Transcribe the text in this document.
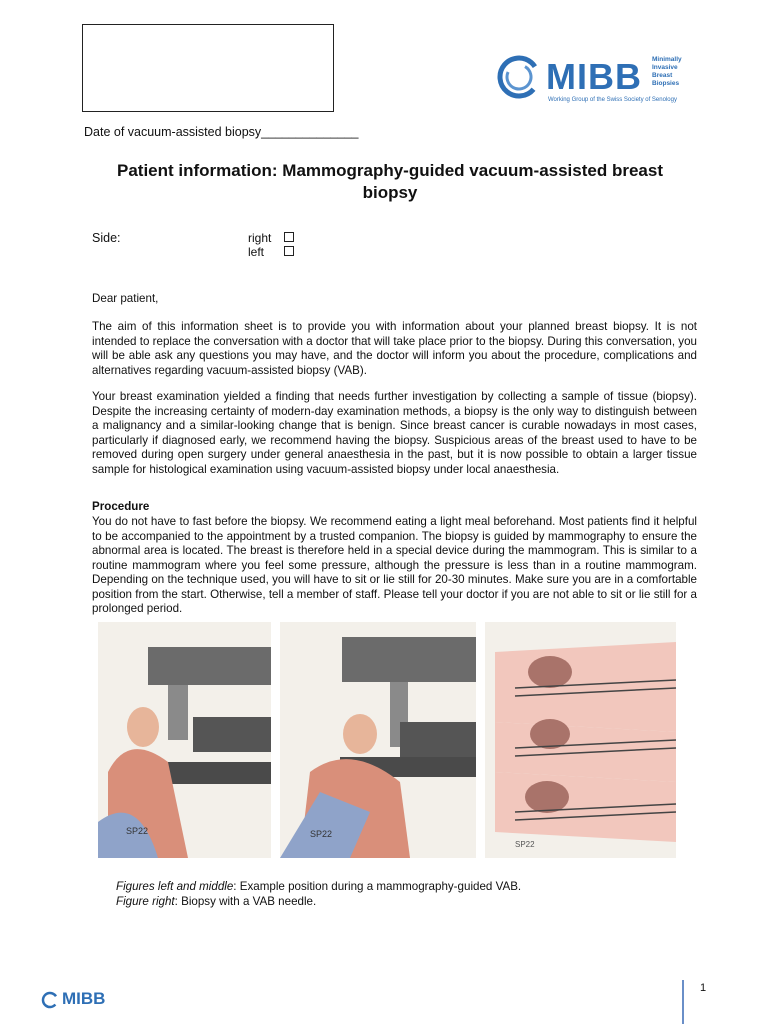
Date of vacuum-assisted biopsy______________
MIBB Minimally
Invasive
Breast
Biopsies
Working Group of the Swiss Society of Senology
Patient information: Mammography-guided vacuum-assisted breast biopsy
Side:	right
left
Dear patient,
The aim of this information sheet is to provide you with information about your planned breast biopsy. It is not intended to replace the conversation with a doctor that will take place prior to the biopsy. During this conversation, you will be able ask any questions you may have, and the doctor will inform you about the procedure, complications and alternatives regarding vacuum-assisted biopsy (VAB).
Your breast examination yielded a finding that needs further investigation by collecting a sample of tissue (biopsy). Despite the increasing certainty of modern-day examination methods, a biopsy is the only way to distinguish between a malignancy and a similar-looking change that is benign. Since breast cancer is curable nowadays in most cases, particularly if diagnosed early, we recommend having the biopsy. Suspicious areas of the breast used to have to be removed during open surgery under general anaesthesia in the past, but it is now possible to obtain a larger tissue sample for histological examination using vacuum-assisted biopsy under local anaesthesia.
Procedure
You do not have to fast before the biopsy. We recommend eating a light meal beforehand. Most patients find it helpful to be accompanied to the appointment by a trusted companion. The biopsy is guided by mammography to ensure the abnormal area is located. The breast is therefore held in a special device during the mammogram. This is similar to a routine mammogram where you feel some pressure, although the pressure is less than in a routine mammogram. Depending on the technique used, you will have to sit or lie still for 20-30 minutes. Make sure you are in a comfortable position from the start. Otherwise, tell a member of staff. Please tell your doctor if you are not able to sit or lie still for a prolonged period.
SP22	SP22
SP22
Figures left and middle: Example position during a mammography-guided VAB.
Figure right: Biopsy with a VAB needle.
MIBB
1
